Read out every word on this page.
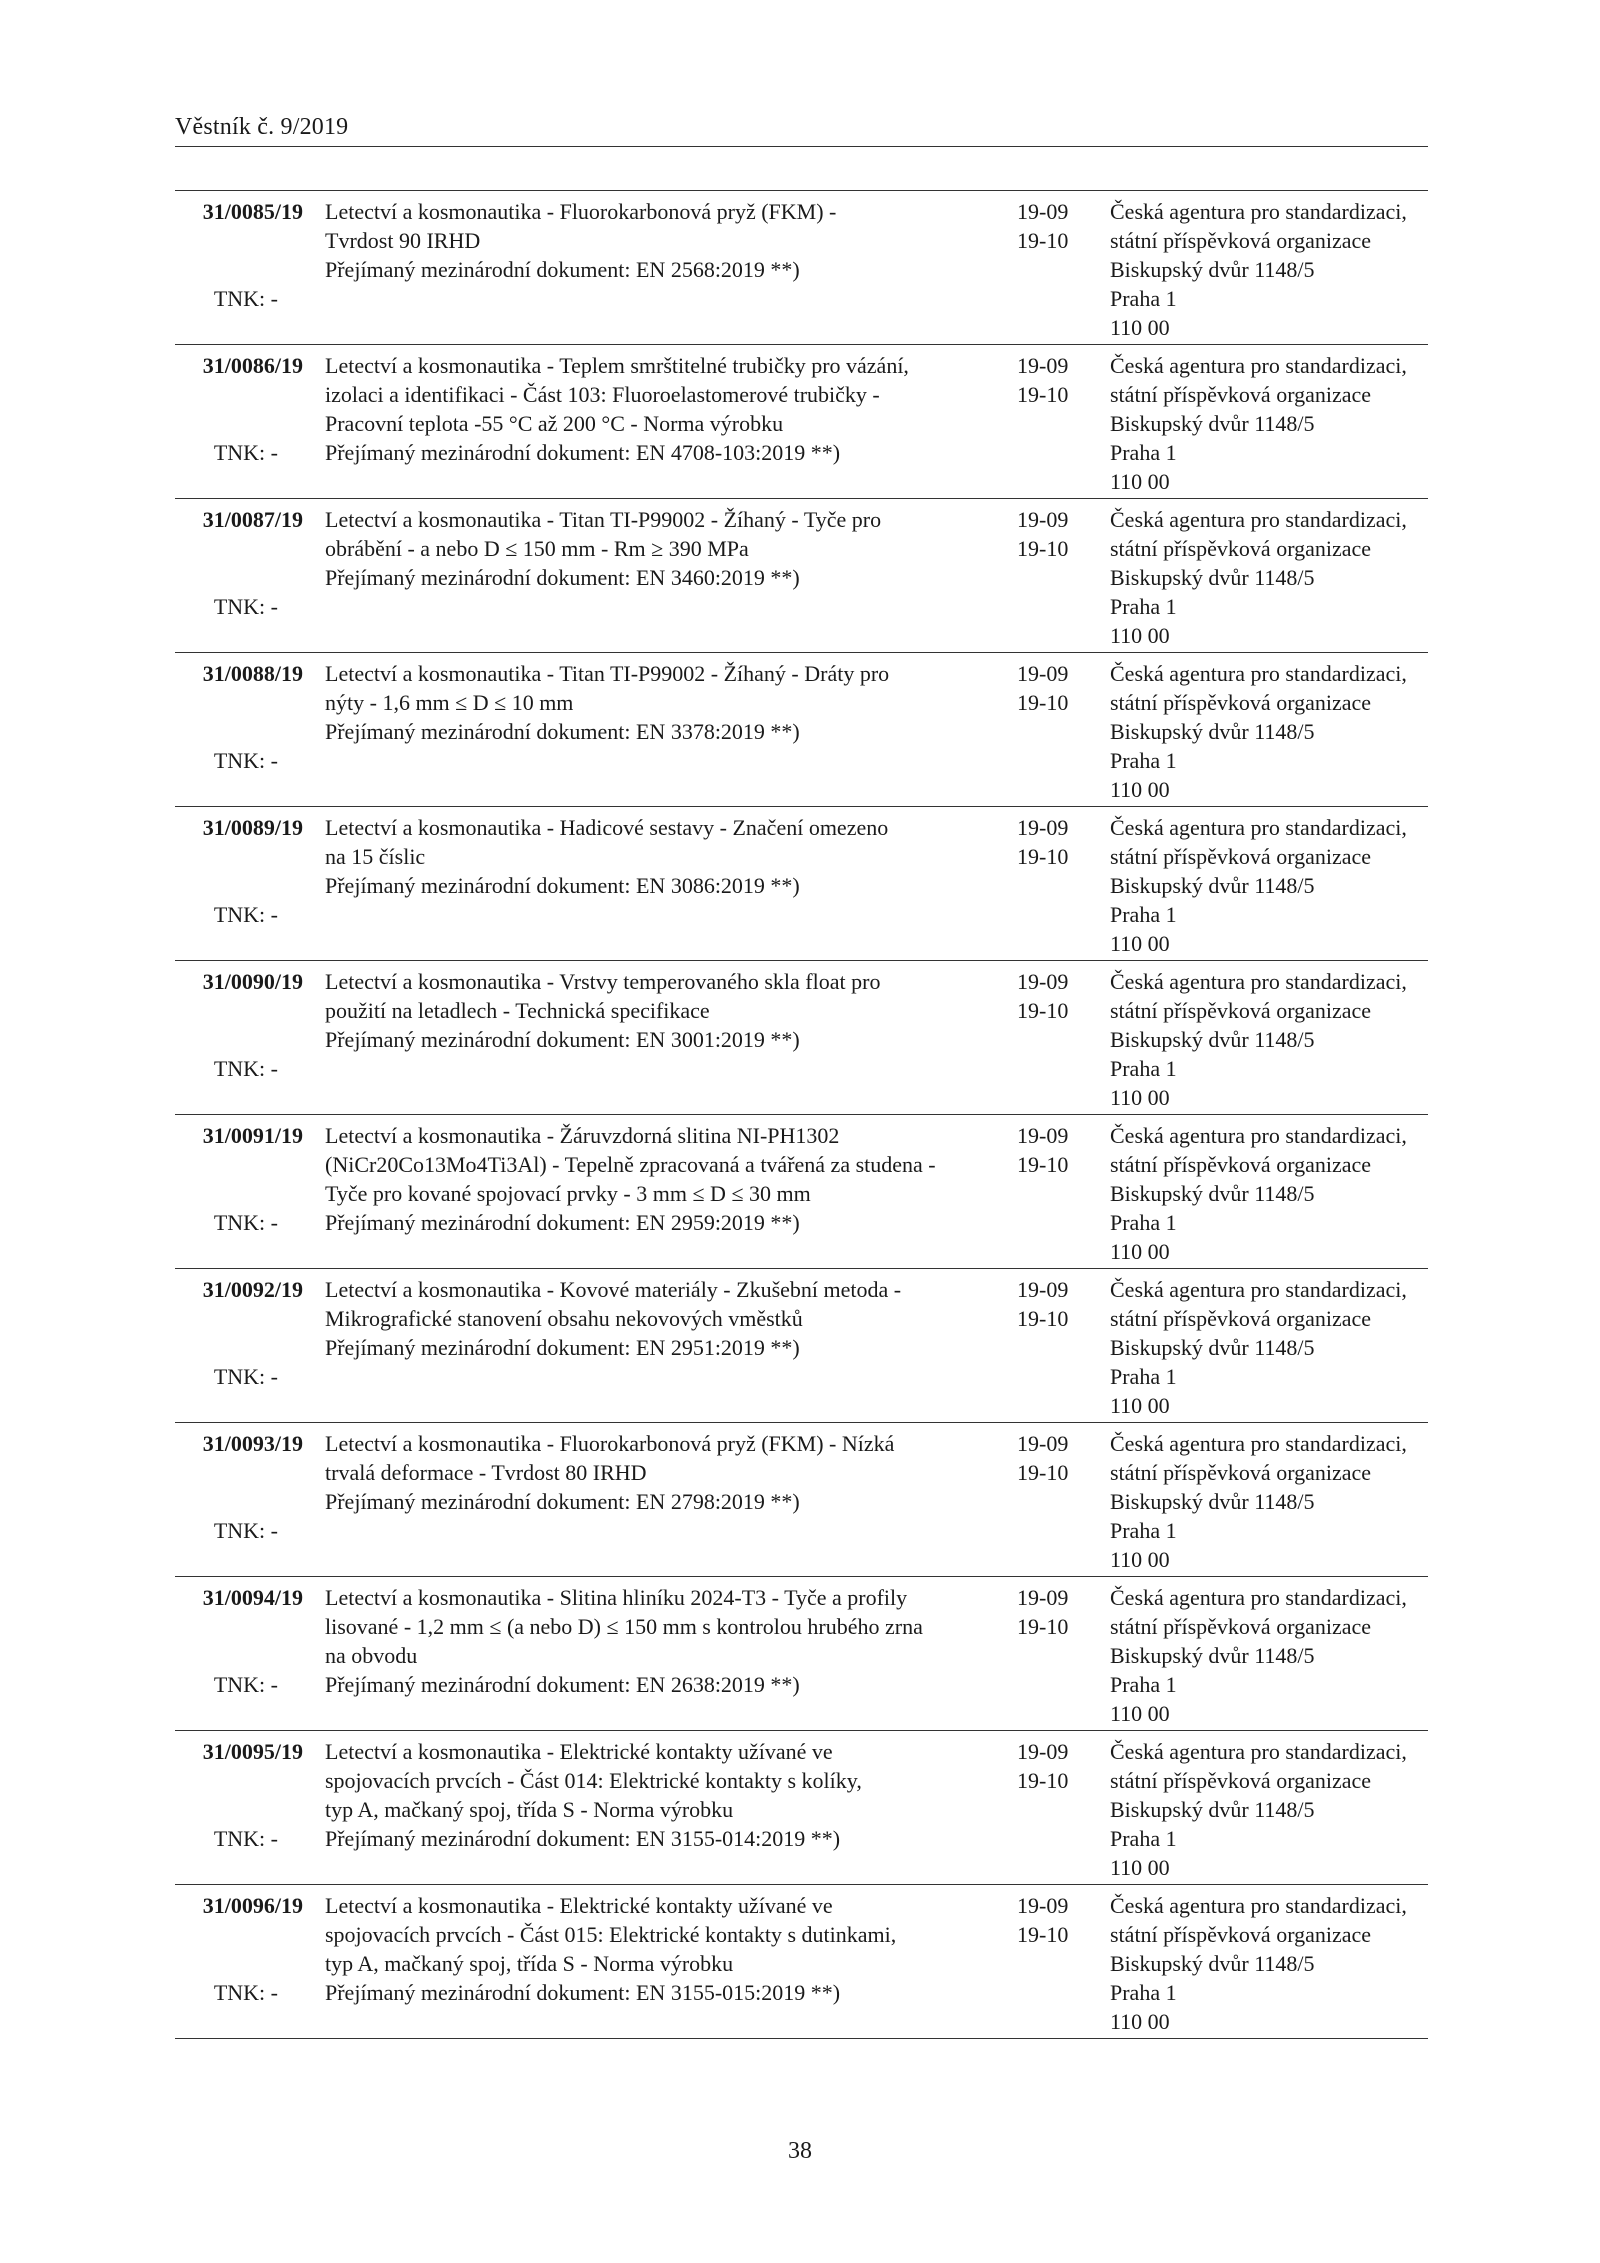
Věstník č. 9/2019
31/0085/19
TNK: -
Letectví a kosmonautika - Fluorokarbonová pryž (FKM) -
Tvrdost 90 IRHD
Přejímaný mezinárodní dokument: EN 2568:2019 **)
19-09
19-10
Česká agentura pro standardizaci,
státní příspěvková organizace
Biskupský dvůr 1148/5
Praha 1
110 00
31/0086/19
TNK: -
Letectví a kosmonautika - Teplem smrštitelné trubičky pro vázání,
izolaci a identifikaci - Část 103: Fluoroelastomerové trubičky -
Pracovní teplota -55 °C až 200 °C - Norma výrobku
Přejímaný mezinárodní dokument: EN 4708-103:2019 **)
19-09
19-10
Česká agentura pro standardizaci,
státní příspěvková organizace
Biskupský dvůr 1148/5
Praha 1
110 00
31/0087/19
TNK: -
Letectví a kosmonautika - Titan TI-P99002 - Žíhaný - Tyče pro
obrábění - a nebo D ≤ 150 mm - Rm ≥ 390 MPa
Přejímaný mezinárodní dokument: EN 3460:2019 **)
19-09
19-10
Česká agentura pro standardizaci,
státní příspěvková organizace
Biskupský dvůr 1148/5
Praha 1
110 00
31/0088/19
TNK: -
Letectví a kosmonautika - Titan TI-P99002 - Žíhaný - Dráty pro
nýty - 1,6 mm ≤ D ≤ 10 mm
Přejímaný mezinárodní dokument: EN 3378:2019 **)
19-09
19-10
Česká agentura pro standardizaci,
státní příspěvková organizace
Biskupský dvůr 1148/5
Praha 1
110 00
31/0089/19
TNK: -
Letectví a kosmonautika - Hadicové sestavy - Značení omezeno
na 15 číslic
Přejímaný mezinárodní dokument: EN 3086:2019 **)
19-09
19-10
Česká agentura pro standardizaci,
státní příspěvková organizace
Biskupský dvůr 1148/5
Praha 1
110 00
31/0090/19
TNK: -
Letectví a kosmonautika - Vrstvy temperovaného skla float pro
použití na letadlech - Technická specifikace
Přejímaný mezinárodní dokument: EN 3001:2019 **)
19-09
19-10
Česká agentura pro standardizaci,
státní příspěvková organizace
Biskupský dvůr 1148/5
Praha 1
110 00
31/0091/19
TNK: -
Letectví a kosmonautika - Žáruvzdorná slitina NI-PH1302
(NiCr20Co13Mo4Ti3Al) - Tepelně zpracovaná a tvářená za studena -
Tyče pro kované spojovací prvky - 3 mm ≤ D ≤ 30 mm
Přejímaný mezinárodní dokument: EN 2959:2019 **)
19-09
19-10
Česká agentura pro standardizaci,
státní příspěvková organizace
Biskupský dvůr 1148/5
Praha 1
110 00
31/0092/19
TNK: -
Letectví a kosmonautika - Kovové materiály - Zkušební metoda -
Mikrografické stanovení obsahu nekovových vměstků
Přejímaný mezinárodní dokument: EN 2951:2019 **)
19-09
19-10
Česká agentura pro standardizaci,
státní příspěvková organizace
Biskupský dvůr 1148/5
Praha 1
110 00
31/0093/19
TNK: -
Letectví a kosmonautika - Fluorokarbonová pryž (FKM) - Nízká
trvalá deformace - Tvrdost 80 IRHD
Přejímaný mezinárodní dokument: EN 2798:2019 **)
19-09
19-10
Česká agentura pro standardizaci,
státní příspěvková organizace
Biskupský dvůr 1148/5
Praha 1
110 00
31/0094/19
TNK: -
Letectví a kosmonautika - Slitina hliníku 2024-T3 - Tyče a profily
lisované - 1,2 mm ≤ (a nebo D) ≤ 150 mm s kontrolou hrubého zrna
na obvodu
Přejímaný mezinárodní dokument: EN 2638:2019 **)
19-09
19-10
Česká agentura pro standardizaci,
státní příspěvková organizace
Biskupský dvůr 1148/5
Praha 1
110 00
31/0095/19
TNK: -
Letectví a kosmonautika - Elektrické kontakty užívané ve
spojovacích prvcích - Část 014: Elektrické kontakty s kolíky,
typ A, mačkaný spoj, třída S - Norma výrobku
Přejímaný mezinárodní dokument: EN 3155-014:2019 **)
19-09
19-10
Česká agentura pro standardizaci,
státní příspěvková organizace
Biskupský dvůr 1148/5
Praha 1
110 00
31/0096/19
TNK: -
Letectví a kosmonautika - Elektrické kontakty užívané ve
spojovacích prvcích - Část 015: Elektrické kontakty s dutinkami,
typ A, mačkaný spoj, třída S - Norma výrobku
Přejímaný mezinárodní dokument: EN 3155-015:2019 **)
19-09
19-10
Česká agentura pro standardizaci,
státní příspěvková organizace
Biskupský dvůr 1148/5
Praha 1
110 00
38
